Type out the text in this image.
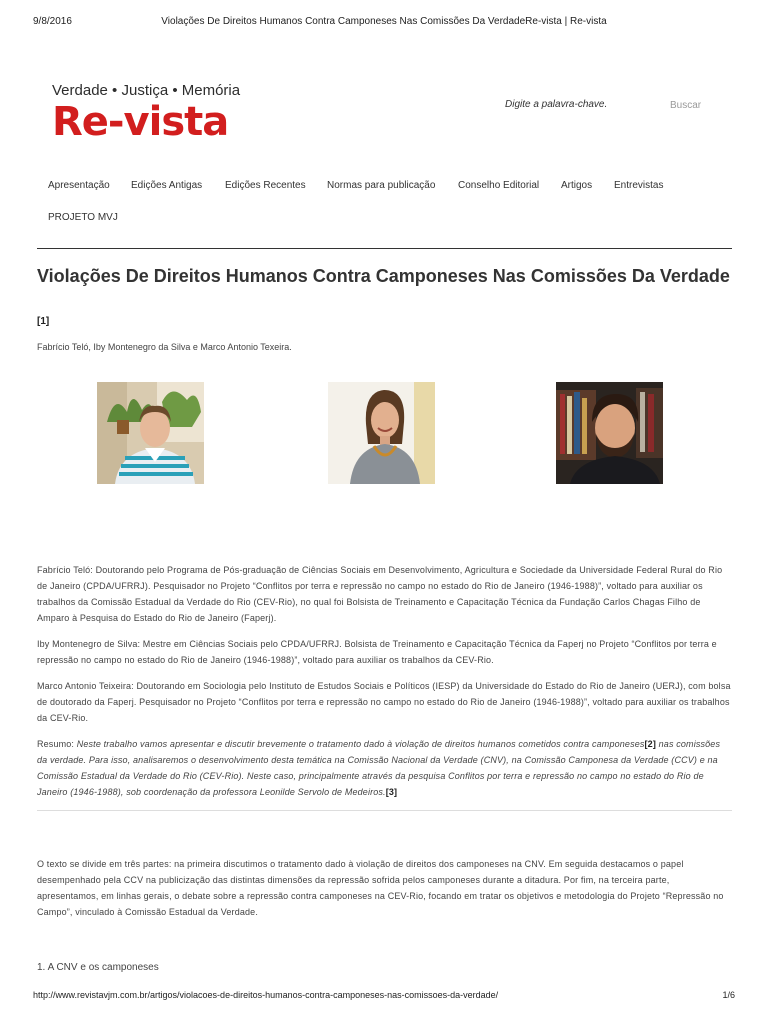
9/8/2016	Violações De Direitos Humanos Contra Camponeses Nas Comissões Da VerdadeRe-vista | Re-vista
Verdade • Justiça • Memória
Re-vista
Digite a palavra-chave.	Buscar
Apresentação Edições Antigas Edições Recentes Normas para publicação Conselho Editorial Artigos Entrevistas
PROJETO MVJ
Violações De Direitos Humanos Contra Camponeses Nas Comissões Da Verdade
[1]
Fabrício Teló, Iby Montenegro da Silva e Marco Antonio Texeira.

Fabrício Teló: Doutorando pelo Programa de Pós-graduação de Ciências Sociais em Desenvolvimento, Agricultura e Sociedade da Universidade Federal Rural do Rio de Janeiro (CPDA/UFRRJ). Pesquisador no Projeto “Conflitos por terra e repressão no campo no estado do Rio de Janeiro (1946-1988)”, voltado para auxiliar os trabalhos da Comissão Estadual da Verdade do Rio (CEV-Rio), no qual foi Bolsista de Treinamento e Capacitação Técnica da Fundação Carlos Chagas Filho de Amparo à Pesquisa do Estado do Rio de Janeiro (Faperj).

Iby Montenegro de Silva: Mestre em Ciências Sociais pelo CPDA/UFRRJ. Bolsista de Treinamento e Capacitação Técnica da Faperj no Projeto “Conflitos por terra e repressão no campo no estado do Rio de Janeiro (1946-1988)”, voltado para auxiliar os trabalhos da CEV-Rio.

Marco Antonio Teixeira: Doutorando em Sociologia pelo Instituto de Estudos Sociais e Políticos (IESP) da Universidade do Estado do Rio de Janeiro (UERJ), com bolsa de doutorado da Faperj. Pesquisador no Projeto “Conflitos por terra e repressão no campo no estado do Rio de Janeiro (1946-1988)”, voltado para auxiliar os trabalhos da CEV-Rio.

Resumo: Neste trabalho vamos apresentar e discutir brevemente o tratamento dado à violação de direitos humanos cometidos contra camponeses[2] nas comissões da verdade. Para isso, analisaremos o desenvolvimento desta temática na Comissão Nacional da Verdade (CNV), na Comissão Camponesa da Verdade (CCV) e na Comissão Estadual da Verdade do Rio (CEV-Rio). Neste caso, principalmente através da pesquisa Conflitos por terra e repressão no campo no estado do Rio de Janeiro (1946-1988), sob coordenação da professora Leonilde Servolo de Medeiros.[3]

O texto se divide em três partes: na primeira discutimos o tratamento dado à violação de direitos dos camponeses na CNV. Em seguida destacamos o papel desempenhado pela CCV na publicização das distintas dimensões da repressão sofrida pelos camponeses durante a ditadura. Por fim, na terceira parte, apresentamos, em linhas gerais, o debate sobre a repressão contra camponeses na CEV-Rio, focando em tratar os objetivos e metodologia do Projeto “Repressão no Campo”, vinculado à Comissão Estadual da Verdade.

1. A CNV e os camponeses
http://www.revistavjm.com.br/artigos/violacoes-de-direitos-humanos-contra-camponeses-nas-comissoes-da-verdade/	1/6
